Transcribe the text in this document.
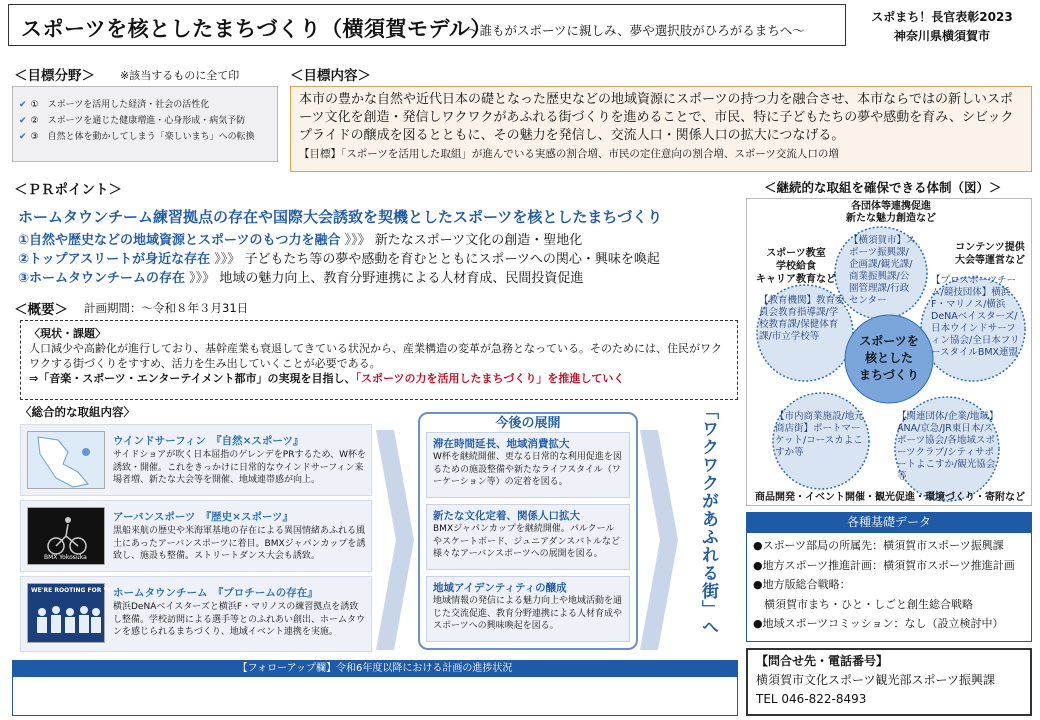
スポーツを核としたまちづくり（横須賀モデル）
～誰もがスポーツに親しみ、夢や選択肢がひろがるまちへ～
スポまち！長官表彰2023
神奈川県横須賀市
＜目標分野＞ ※該当するものに全て印
✔ ①　スポーツを活用した経済・社会の活性化
✔ ②　スポーツを通じた健康増進・心身形成・病気予防
✔ ③　自然と体を動かしてしまう「楽しいまち」への転換
＜目標内容＞
本市の豊かな自然や近代日本の礎となった歴史などの地域資源にスポーツの持つ力を融合させ、本市ならではの新しいスポーツ文化を創造・発信しワクワクがあふれる街づくりを進めることで、市民、特に子どもたちの夢や感動を育み、シビックプライドの醸成を図るとともに、その魅力を発信し、交流人口・関係人口の拡大につなげる。
【目標】「スポーツを活用した取組」が進んでいる実感の割合増、市民の定住意向の割合増、スポーツ交流人口の増
＜ＰＲポイント＞
ホームタウンチーム練習拠点の存在や国際大会誘致を契機としたスポーツを核としたまちづくり
①自然や歴史などの地域資源とスポーツのもつ力を融合 》》》 新たなスポーツ文化の創造・聖地化
②トップアスリートが身近な存在 》》》 子どもたち等の夢や感動を育むとともにスポーツへの関心・興味を喚起
③ホームタウンチームの存在 》》》 地域の魅力向上、教育分野連携による人材育成、民間投資促進
＜概要＞ 計画期間：～令和８年３月31日
〈現状・課題〉
人口減少や高齢化が進行しており、基幹産業も衰退してきている状況から、産業構造の変革が急務となっている。そのためには、住民がワクワクする街づくりをすすめ、活力を生み出していくことが必要である。
⇒「音楽・スポーツ・エンターテイメント都市」の実現を目指し、「スポーツの力を活用したまちづくり」を推進していく
〈総合的な取組内容〉
ウインドサーフィン　『自然×スポーツ』
サイドショアが吹く日本屈指のゲレンデをPRするため、W杯を誘致・開催。これをきっかけに日常的なウインドサーフィン来場者増、新たな大会等を開催、地域連帯感が向上。
BMX Yokosuka
アーバンスポーツ　『歴史×スポーツ』
黒船来航の歴史や米海軍基地の存在による異国情緒あふれる風土にあったアーバンスポーツに着目。BMXジャパンカップを誘致し、施設も整備。ストリートダンス大会も誘致。
WE'RE ROOTING FOR YOU!
ホームタウンチーム　『プロチームの存在』
横浜DeNAベイスターズと横浜F・マリノスの練習拠点を誘致し整備。学校訪問による選手等とのふれあい創出、ホームタウンを感じられるまちづくり、地域イベント連携を実施。
今後の展開
滞在時間延長、地域消費拡大
W杯を継続開催、更なる日常的な利用促進を図るための施設整備や新たなライフスタイル（ワーケーション等）の定着を図る。
新たな文化定着、関係人口拡大
BMXジャパンカップを継続開催。パルクールやスケートボード、ジュニアダンスバトルなど様々なアーバンスポーツへの展開を図る。
地域アイデンティティの醸成
地域情報の発信による魅力向上や地域活動を通じた交流促進、教育分野連携による人材育成やスポーツへの興味喚起を図る。	「ワクワクがあふれる街」へ
【フォローアップ欄】令和6年度以降における計画の進捗状況
＜継続的な取組を確保できる体制（図）＞
各団体等連携促進
新たな魅力創造など
スポーツ教室
学校給食
キャリア教育など
コンテンツ提供
大会等運営など
【横須賀市】スポーツ振興課/企画課/観光課/商業振興課/公園管理課/行政センター
【教育機関】教育委員会教育指導課/学校教育課/保健体育課/市立学校等
【プロスポーツチーム/競技団体】横浜F・マリノス/横浜DeNAベイスターズ/日本ウインドサーフィン協会/全日本フリースタイルBMX連盟
【市内商業施設/地元商店街】ポートマーケット/コースカよこすか等
【関連団体/企業/地域】ANA/京急/JR東日本/スポーツ協会/各地域スポーツクラブ/シティサポートよこすか/観光協会等
スポーツを
核とした
まちづくり
商品開発・イベント開催・観光促進・環境づくり・寄附など
各種基礎データ
●スポーツ部局の所属先：横須賀市スポーツ振興課
●地方スポーツ推進計画：横須賀市スポーツ推進計画
●地方版総合戦略：
　横須賀市まち・ひと・しごと創生総合戦略
●地域スポーツコミッション：なし（設立検討中）
【問合せ先・電話番号】
横須賀市文化スポーツ観光部スポーツ振興課
TEL 046-822-8493
